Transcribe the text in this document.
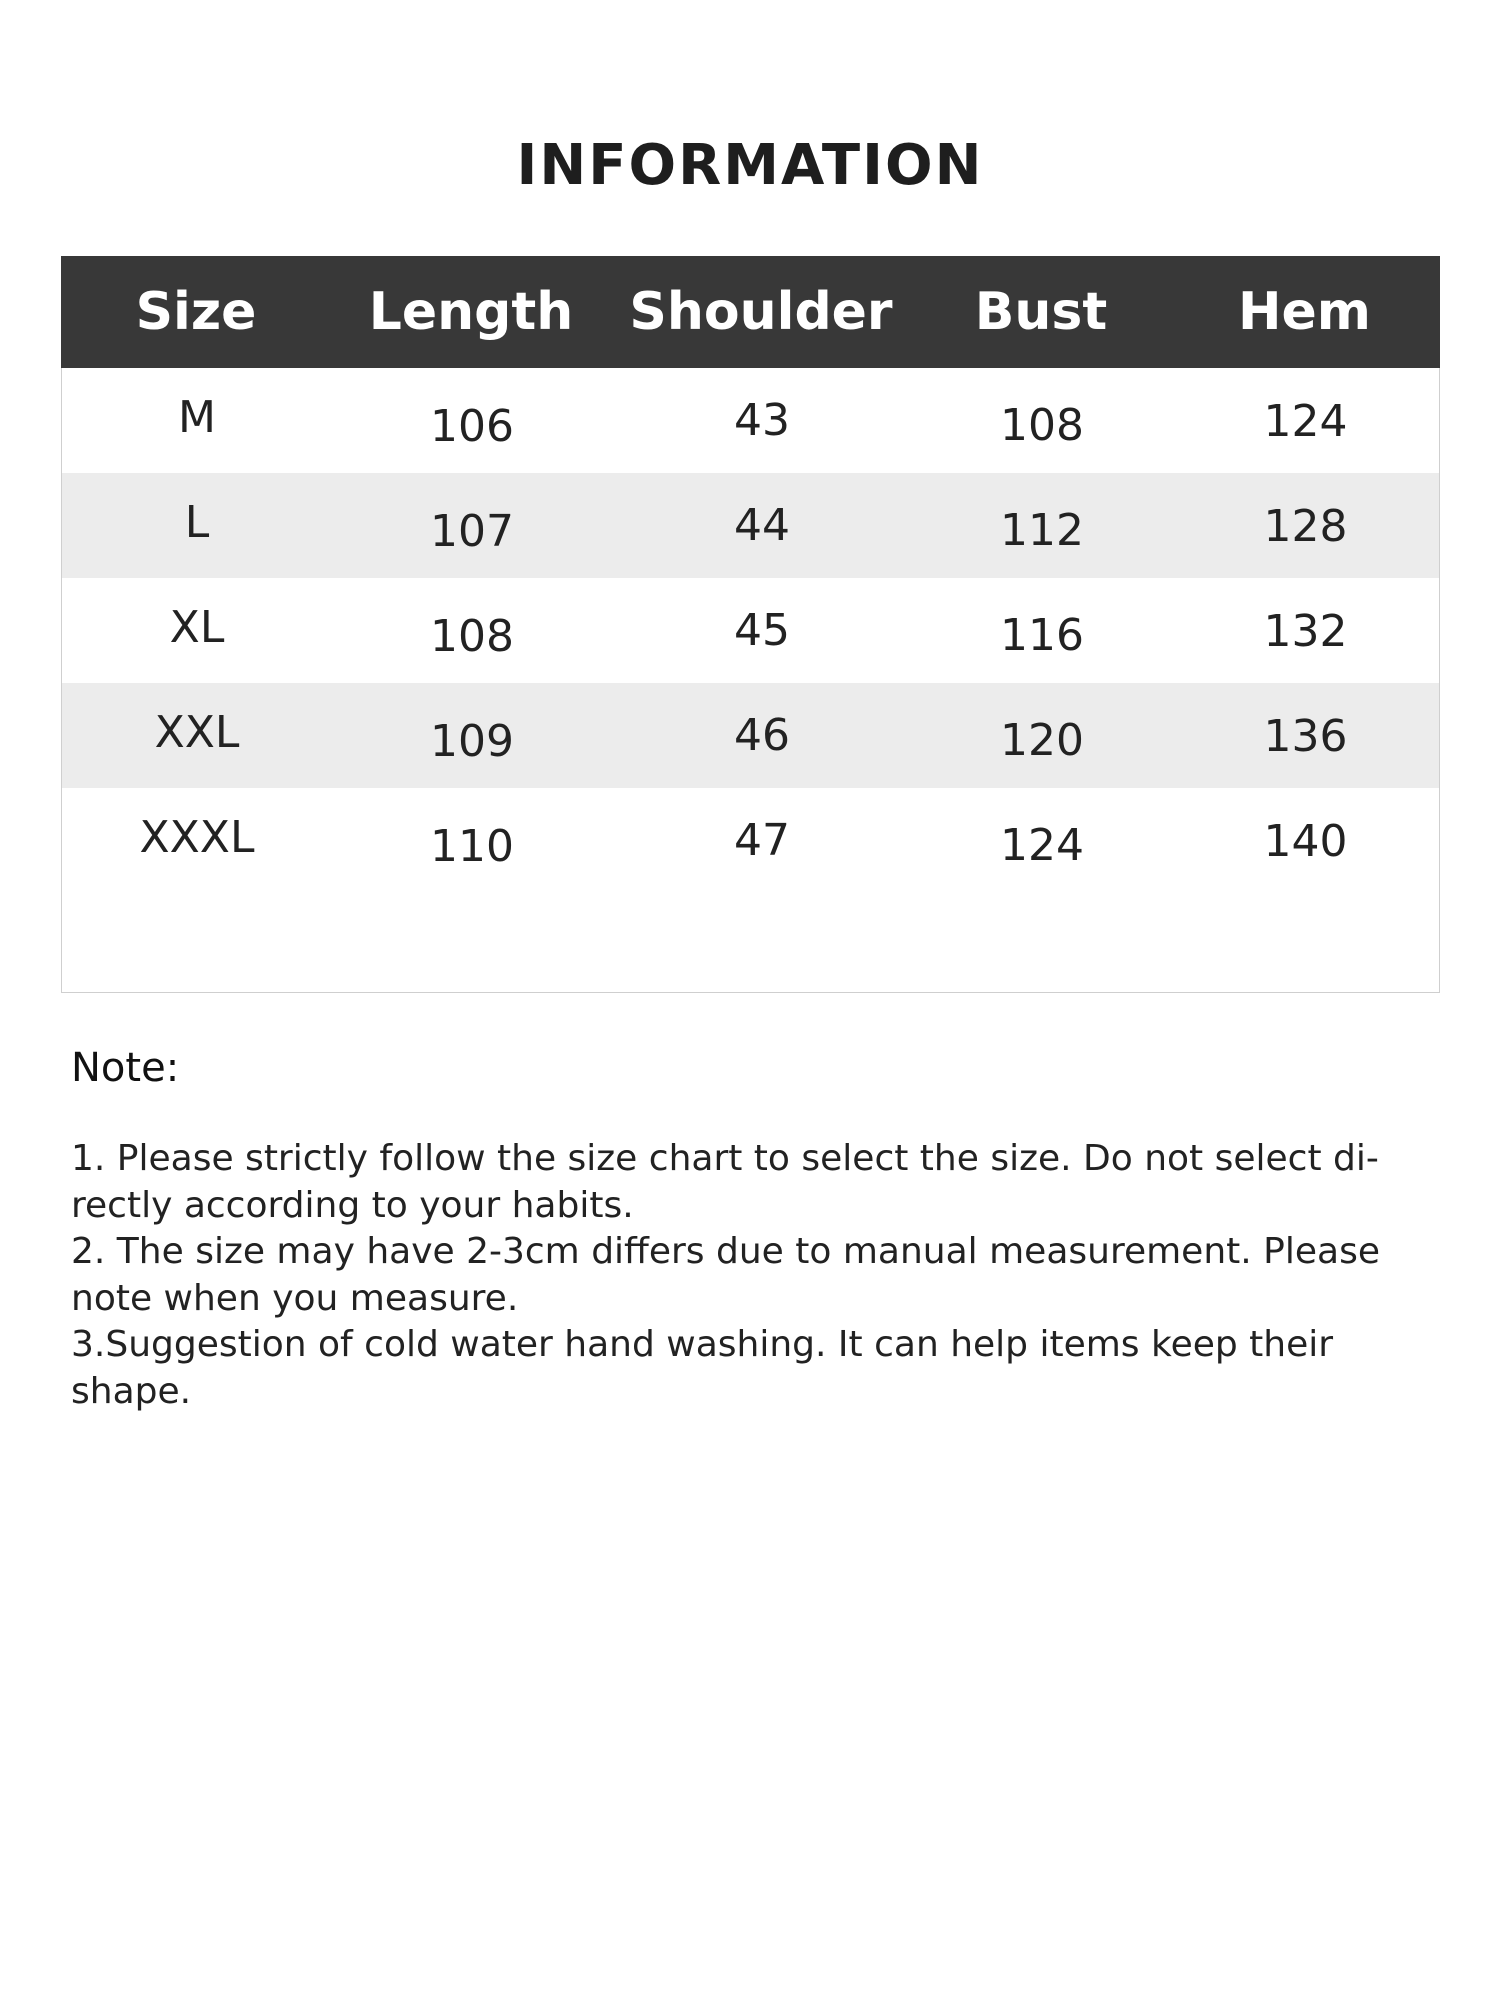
INFORMATION
Size	Length	Shoulder	Bust	Hem
M	106	43	108	124
L	107	44	112	128
XL	108	45	116	132
XXL	109	46	120	136
XXXL	110	47	124	140
Note:
1. Please strictly follow the size chart to select the size. Do not select di-
rectly according to your habits.
2. The size may have 2-3cm differs due to manual measurement. Please
note when you measure.
3.Suggestion of cold water hand washing. It can help items keep their
shape.
